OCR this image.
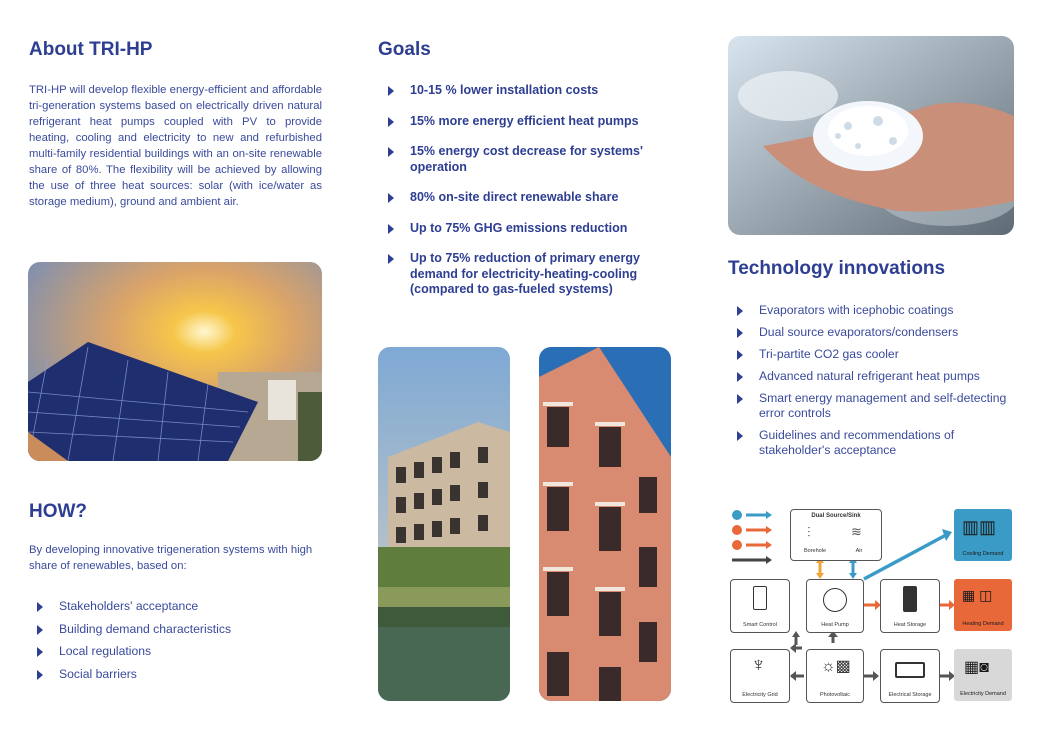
About TRI-HP

TRI-HP will develop flexible energy-efficient and affordable tri-generation systems based on electrically driven natural refrigerant heat pumps coupled with PV to provide heating, cooling and electricity to new and refurbished multi-family residential buildings with an on-site renewable share of 80%. The flexibility will be achieved by allowing the use of three heat sources: solar (with ice/water as storage medium), ground and ambient air.

HOW?

By developing innovative trigeneration systems with high share of renewables, based on:

Stakeholders' acceptance
Building demand characteristics
Local regulations
Social barriers
Goals
10-15 % lower installation costs
15% more energy efficient heat pumps
15% energy cost decrease for systems' operation
80% on-site direct renewable share
Up to 75% GHG emissions reduction
Up to 75% reduction of primary energy demand for electricity-heating-cooling (compared to gas-fueled systems)
Technology innovations
Evaporators with icephobic coatings
Dual source evaporators/condensers
Tri-partite CO2 gas cooler
Advanced natural refrigerant heat pumps
Smart energy management and self-detecting error controls
Guidelines and recommendations of stakeholder's acceptance
Dual Source/Sink
⫶	≋
Borehole	Air
Smart Control	Heat Pump	Heat Storage
▥▥
Cooling Demand
▦ ◫
Heating Demand
♆
Electricity Grid
☼▩
Photovoltaic	Electrical Storage
▦◙
Electricity Demand
